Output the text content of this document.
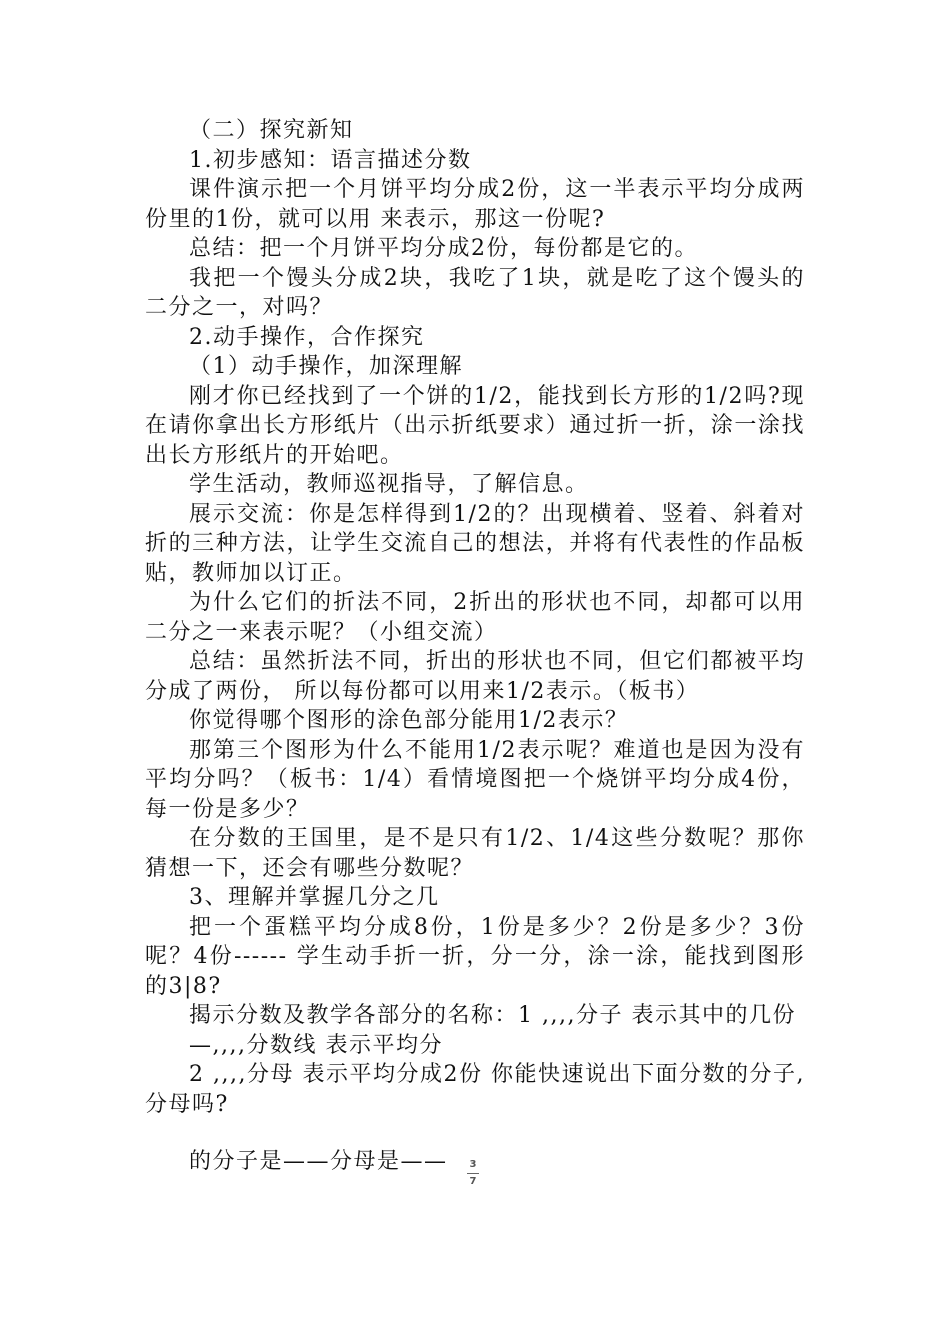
（二）探究新知

1.初步感知：语言描述分数

课件演示把一个月饼平均分成2份，这一半表示平均分成两份里的1份，就可以用 来表示，那这一份呢?

总结：把一个月饼平均分成2份，每份都是它的。

我把一个馒头分成2块，我吃了1块，就是吃了这个馒头的二分之一，对吗？

2.动手操作，合作探究

（1）动手操作，加深理解

刚才你已经找到了一个饼的1/2，能找到长方形的1/2吗?现在请你拿出长方形纸片（出示折纸要求）通过折一折，涂一涂找出长方形纸片的开始吧。

学生活动，教师巡视指导，了解信息。

展示交流：你是怎样得到1/2的？出现横着、竖着、斜着对折的三种方法，让学生交流自己的想法，并将有代表性的作品板贴，教师加以订正。

为什么它们的折法不同，2折出的形状也不同，却都可以用二分之一来表示呢？（小组交流）

总结：虽然折法不同，折出的形状也不同，但它们都被平均分成了两份， 所以每份都可以用来1/2表示。（板书）

你觉得哪个图形的涂色部分能用1/2表示？

那第三个图形为什么不能用1/2表示呢？难道也是因为没有平均分吗？（板书：1/4）看情境图把一个烧饼平均分成4份，每一份是多少？

在分数的王国里，是不是只有1/2、1/4这些分数呢？那你猜想一下，还会有哪些分数呢？

3、理解并掌握几分之几

把一个蛋糕平均分成8份，1份是多少？2份是多少？3份呢？4份------ 学生动手折一折，分一分，涂一涂，能找到图形的3|8?

揭示分数及教学各部分的名称：1 ,,,,分子 表示其中的几份

—,,,,分数线 表示平均分

2 ,,,,分母 表示平均分成2份 你能快速说出下面分数的分子,分母吗?

的分子是——分母是——	3
7
